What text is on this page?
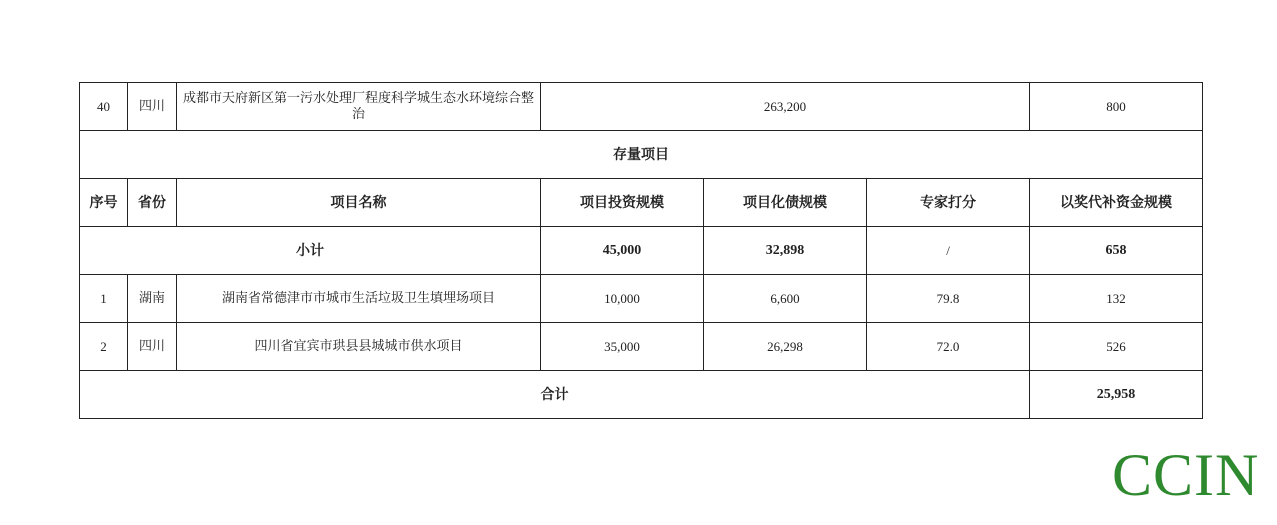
40	四川	成都市天府新区第一污水处理厂程度科学城生态水环境综合整治	263,200			800
存量项目						
序号	省份	项目名称	项目投资规模	项目化债规模	专家打分	以奖代补资金规模
小计			45,000	32,898	/	658
1	湖南	湖南省常德津市市城市生活垃圾卫生填埋场项目	10,000	6,600	79.8	132
2	四川	四川省宜宾市珙县县城城市供水项目	35,000	26,298	72.0	526
合计						25,958
CCIN
